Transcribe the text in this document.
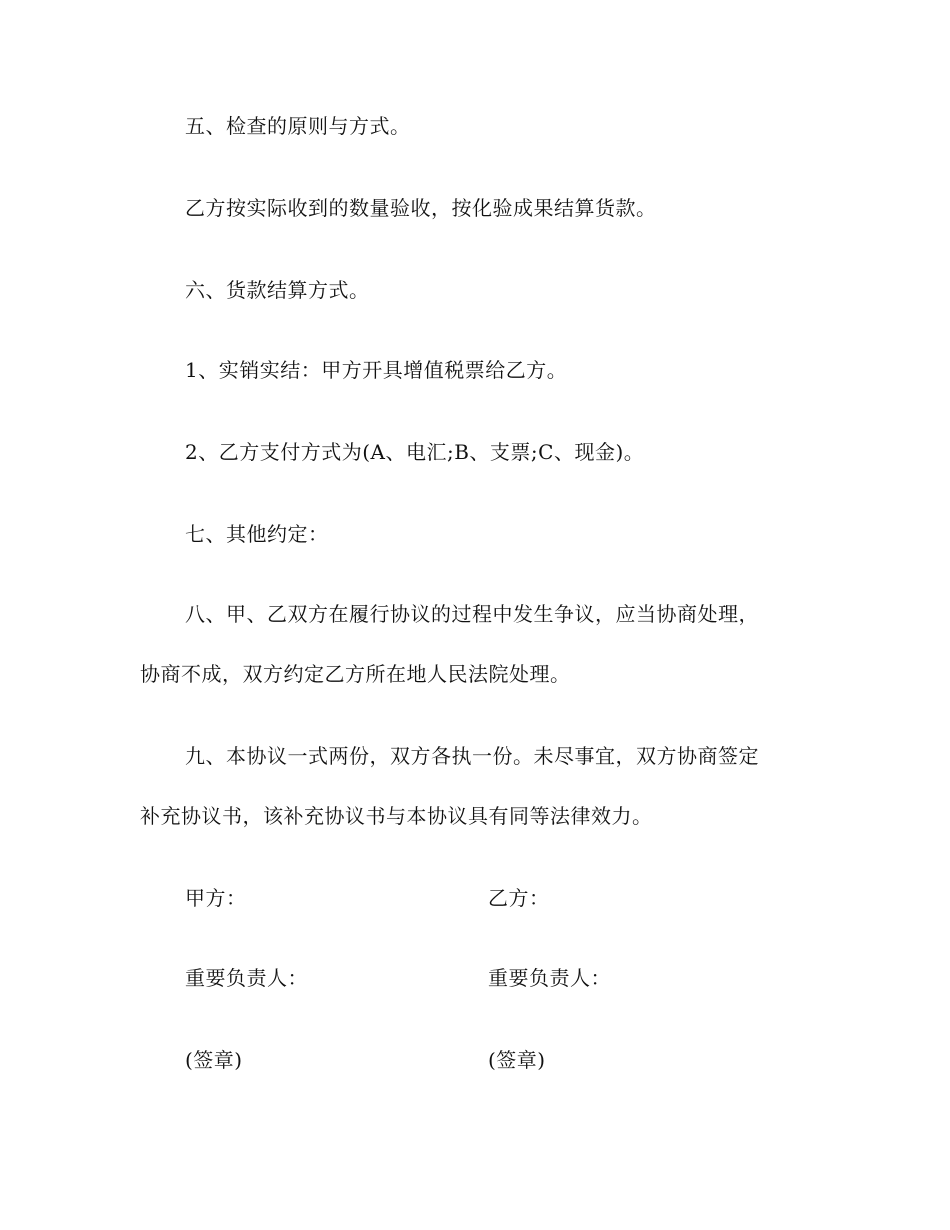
五、检查的原则与方式。
乙方按实际收到的数量验收，按化验成果结算货款。
六、货款结算方式。
1、实销实结：甲方开具增值税票给乙方。
2、乙方支付方式为(A、电汇;B、支票;C、现金)。
七、其他约定：
八、甲、乙双方在履行协议的过程中发生争议，应当协商处理，
协商不成，双方约定乙方所在地人民法院处理。
九、本协议一式两份，双方各执一份。未尽事宜，双方协商签定
补充协议书，该补充协议书与本协议具有同等法律效力。
甲方：	乙方：
重要负责人：	重要负责人：
(签章)	(签章)
